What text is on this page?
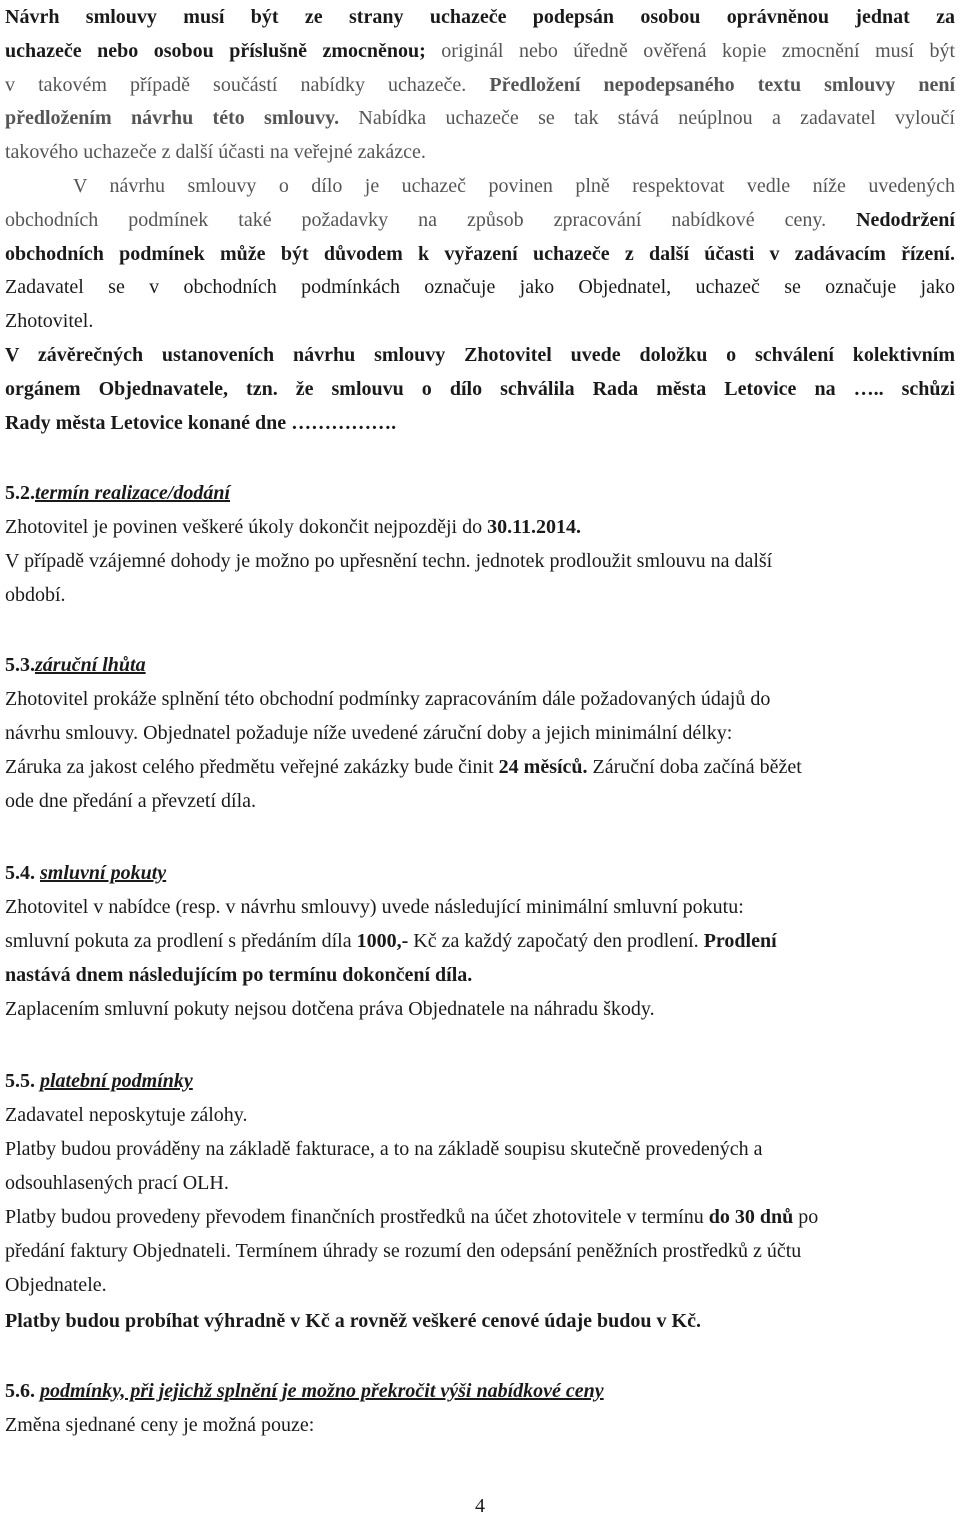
Návrh smlouvy musí být ze strany uchazeče podepsán osobou oprávněnou jednat za
uchazeče nebo osobou příslušně zmocněnou; originál nebo úředně ověřená kopie zmocnění musí být
v takovém případě součástí nabídky uchazeče. Předložení nepodepsaného textu smlouvy není
předložením návrhu této smlouvy. Nabídka uchazeče se tak stává neúplnou a zadavatel vyloučí
takového uchazeče z další účasti na veřejné zakázce.
V návrhu smlouvy o dílo je uchazeč povinen plně respektovat vedle níže uvedených
obchodních podmínek také požadavky na způsob zpracování nabídkové ceny. Nedodržení
obchodních podmínek může být důvodem k vyřazení uchazeče z další účasti v zadávacím řízení.
Zadavatel se v obchodních podmínkách označuje jako Objednatel, uchazeč se označuje jako
Zhotovitel.
V závěrečných ustanoveních návrhu smlouvy Zhotovitel uvede doložku o schválení kolektivním
orgánem Objednavatele, tzn. že smlouvu o dílo schválila Rada města Letovice na ….. schůzi
Rady města Letovice konané dne …………….
5.2.termín realizace/dodání
Zhotovitel je povinen veškeré úkoly dokončit nejpozději do 30.11.2014.
V případě vzájemné dohody je možno po upřesnění techn. jednotek prodloužit smlouvu na další
období.
5.3.záruční lhůta
Zhotovitel prokáže splnění této obchodní podmínky zapracováním dále požadovaných údajů do
návrhu smlouvy. Objednatel požaduje níže uvedené záruční doby a jejich minimální délky:
Záruka za jakost celého předmětu veřejné zakázky bude činit 24 měsíců. Záruční doba začíná běžet
ode dne předání a převzetí díla.
5.4. smluvní pokuty
Zhotovitel v nabídce (resp. v návrhu smlouvy) uvede následující minimální smluvní pokutu:
smluvní pokuta za prodlení s předáním díla 1000,- Kč za každý započatý den prodlení. Prodlení
nastává dnem následujícím po termínu dokončení díla.
Zaplacením smluvní pokuty nejsou dotčena práva Objednatele na náhradu škody.
5.5. platební podmínky
Zadavatel neposkytuje zálohy.
Platby budou prováděny na základě fakturace, a to na základě soupisu skutečně provedených a
odsouhlasených prací OLH.
Platby budou provedeny převodem finančních prostředků na účet zhotovitele v termínu do 30 dnů po
předání faktury Objednateli. Termínem úhrady se rozumí den odepsání peněžních prostředků z účtu
Objednatele.
Platby budou probíhat výhradně v Kč a rovněž veškeré cenové údaje budou v Kč.
5.6. podmínky, při jejichž splnění je možno překročit výši nabídkové ceny
Změna sjednané ceny je možná pouze:
4
